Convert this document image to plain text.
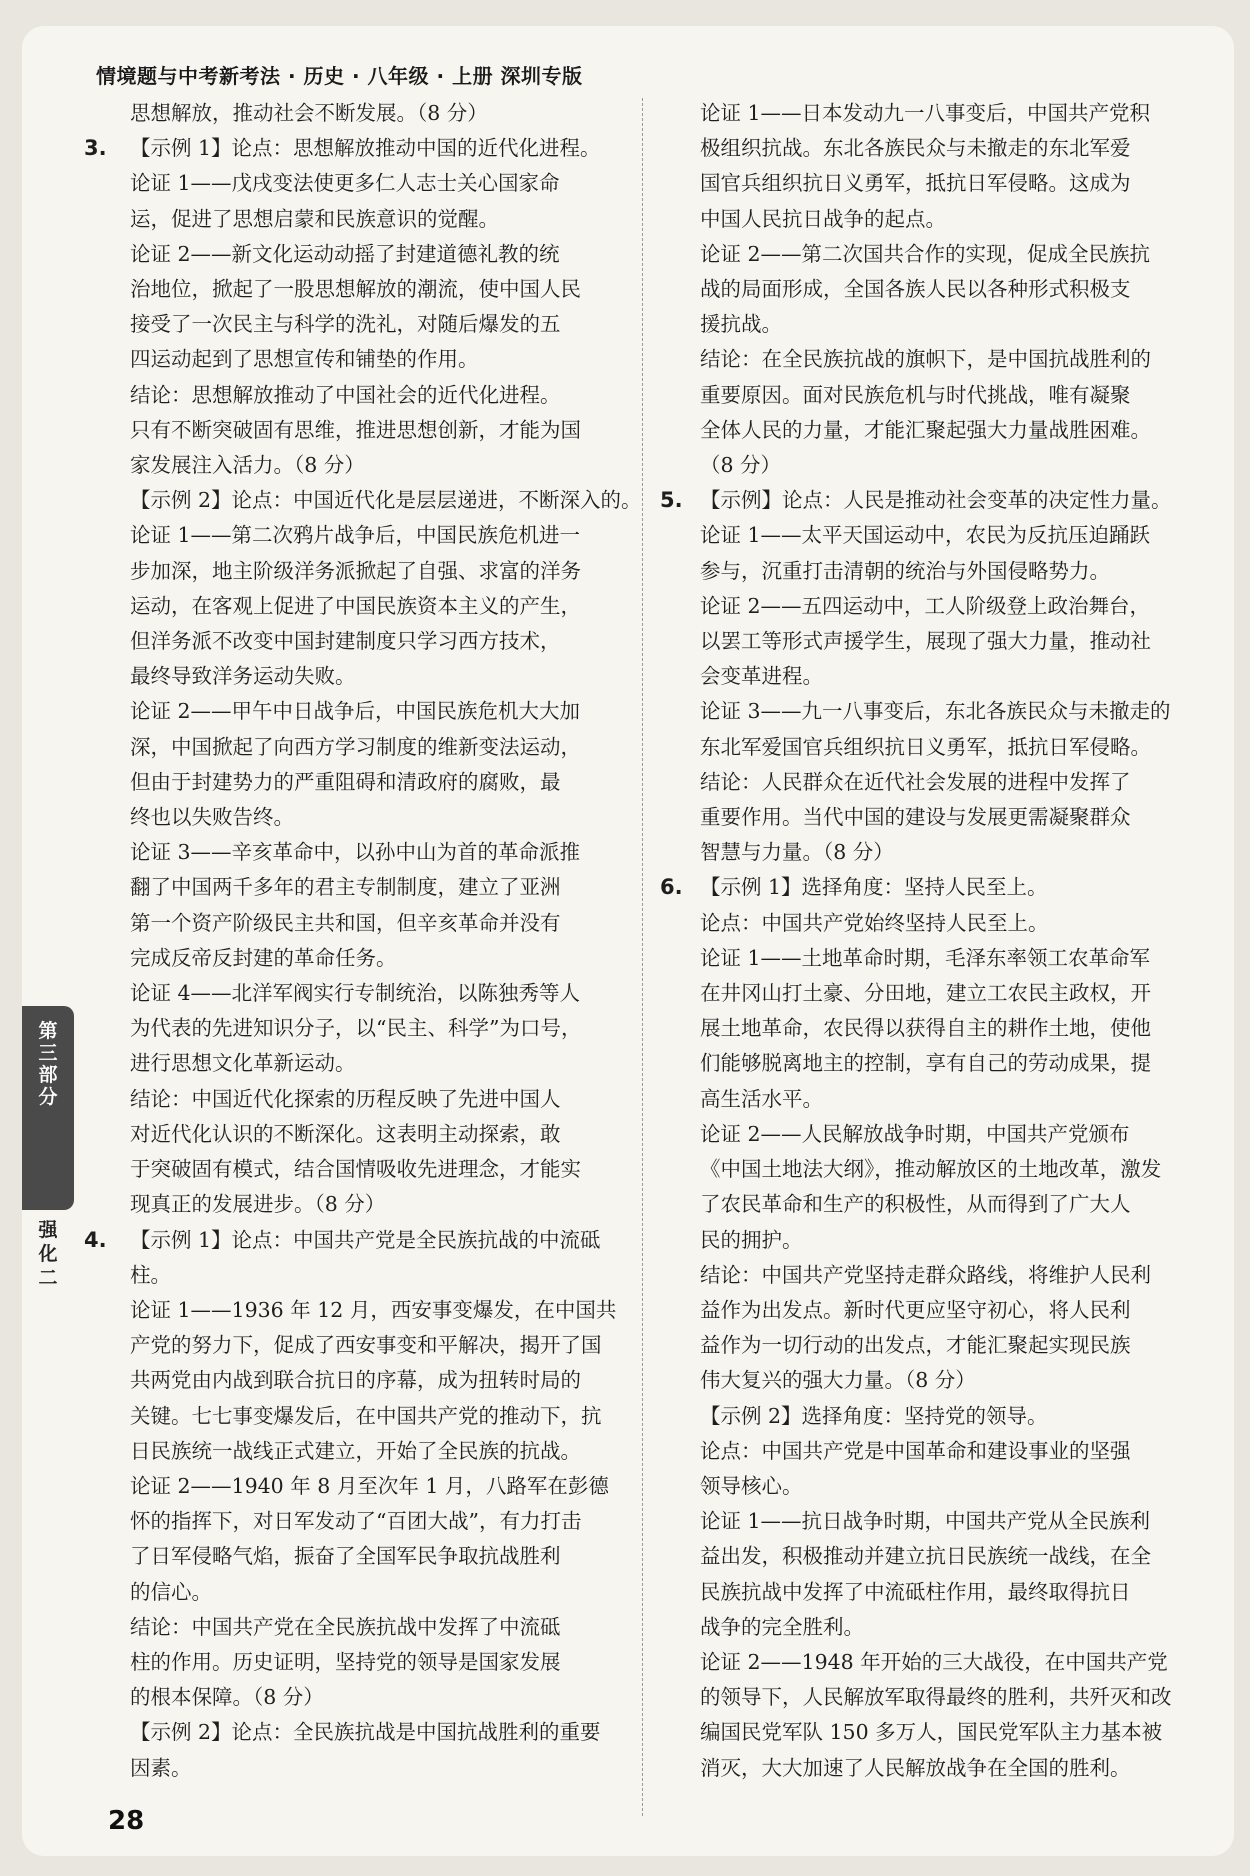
情境题与中考新考法 · 历史 · 八年级 · 上册 深圳专版
思想解放，推动社会不断发展。（8 分）
3. 【示例 1】论点：思想解放推动中国的近代化进程。
论证 1——戊戌变法使更多仁人志士关心国家命
运，促进了思想启蒙和民族意识的觉醒。
论证 2——新文化运动动摇了封建道德礼教的统
治地位，掀起了一股思想解放的潮流，使中国人民
接受了一次民主与科学的洗礼，对随后爆发的五
四运动起到了思想宣传和铺垫的作用。
结论：思想解放推动了中国社会的近代化进程。
只有不断突破固有思维，推进思想创新，才能为国
家发展注入活力。（8 分）
【示例 2】论点：中国近代化是层层递进，不断深入的。
论证 1——第二次鸦片战争后，中国民族危机进一
步加深，地主阶级洋务派掀起了自强、求富的洋务
运动，在客观上促进了中国民族资本主义的产生，
但洋务派不改变中国封建制度只学习西方技术，
最终导致洋务运动失败。
论证 2——甲午中日战争后，中国民族危机大大加
深，中国掀起了向西方学习制度的维新变法运动，
但由于封建势力的严重阻碍和清政府的腐败，最
终也以失败告终。
论证 3——辛亥革命中，以孙中山为首的革命派推
翻了中国两千多年的君主专制制度，建立了亚洲
第一个资产阶级民主共和国，但辛亥革命并没有
完成反帝反封建的革命任务。
论证 4——北洋军阀实行专制统治，以陈独秀等人
为代表的先进知识分子，以“民主、科学”为口号，
进行思想文化革新运动。
结论：中国近代化探索的历程反映了先进中国人
对近代化认识的不断深化。这表明主动探索，敢
于突破固有模式，结合国情吸收先进理念，才能实
现真正的发展进步。（8 分）
4. 【示例 1】论点：中国共产党是全民族抗战的中流砥
柱。
论证 1——1936 年 12 月，西安事变爆发，在中国共
产党的努力下，促成了西安事变和平解决，揭开了国
共两党由内战到联合抗日的序幕，成为扭转时局的
关键。七七事变爆发后，在中国共产党的推动下，抗
日民族统一战线正式建立，开始了全民族的抗战。
论证 2——1940 年 8 月至次年 1 月，八路军在彭德
怀的指挥下，对日军发动了“百团大战”，有力打击
了日军侵略气焰，振奋了全国军民争取抗战胜利
的信心。
结论：中国共产党在全民族抗战中发挥了中流砥
柱的作用。历史证明，坚持党的领导是国家发展
的根本保障。（8 分）
【示例 2】论点：全民族抗战是中国抗战胜利的重要
因素。
论证 1——日本发动九一八事变后，中国共产党积
极组织抗战。东北各族民众与未撤走的东北军爱
国官兵组织抗日义勇军，抵抗日军侵略。这成为
中国人民抗日战争的起点。
论证 2——第二次国共合作的实现，促成全民族抗
战的局面形成，全国各族人民以各种形式积极支
援抗战。
结论：在全民族抗战的旗帜下，是中国抗战胜利的
重要原因。面对民族危机与时代挑战，唯有凝聚
全体人民的力量，才能汇聚起强大力量战胜困难。
（8 分）
5. 【示例】论点：人民是推动社会变革的决定性力量。
论证 1——太平天国运动中，农民为反抗压迫踊跃
参与，沉重打击清朝的统治与外国侵略势力。
论证 2——五四运动中，工人阶级登上政治舞台，
以罢工等形式声援学生，展现了强大力量，推动社
会变革进程。
论证 3——九一八事变后，东北各族民众与未撤走的
东北军爱国官兵组织抗日义勇军，抵抗日军侵略。
结论：人民群众在近代社会发展的进程中发挥了
重要作用。当代中国的建设与发展更需凝聚群众
智慧与力量。（8 分）
6. 【示例 1】选择角度：坚持人民至上。
论点：中国共产党始终坚持人民至上。
论证 1——土地革命时期，毛泽东率领工农革命军
在井冈山打土豪、分田地，建立工农民主政权，开
展土地革命，农民得以获得自主的耕作土地，使他
们能够脱离地主的控制，享有自己的劳动成果，提
高生活水平。
论证 2——人民解放战争时期，中国共产党颁布
《中国土地法大纲》，推动解放区的土地改革，激发
了农民革命和生产的积极性，从而得到了广大人
民的拥护。
结论：中国共产党坚持走群众路线，将维护人民利
益作为出发点。新时代更应坚守初心，将人民利
益作为一切行动的出发点，才能汇聚起实现民族
伟大复兴的强大力量。（8 分）
【示例 2】选择角度：坚持党的领导。
论点：中国共产党是中国革命和建设事业的坚强
领导核心。
论证 1——抗日战争时期，中国共产党从全民族利
益出发，积极推动并建立抗日民族统一战线，在全
民族抗战中发挥了中流砥柱作用，最终取得抗日
战争的完全胜利。
论证 2——1948 年开始的三大战役，在中国共产党
的领导下，人民解放军取得最终的胜利，共歼灭和改
编国民党军队 150 多万人，国民党军队主力基本被
消灭，大大加速了人民解放战争在全国的胜利。
第三部分
强化二
28
